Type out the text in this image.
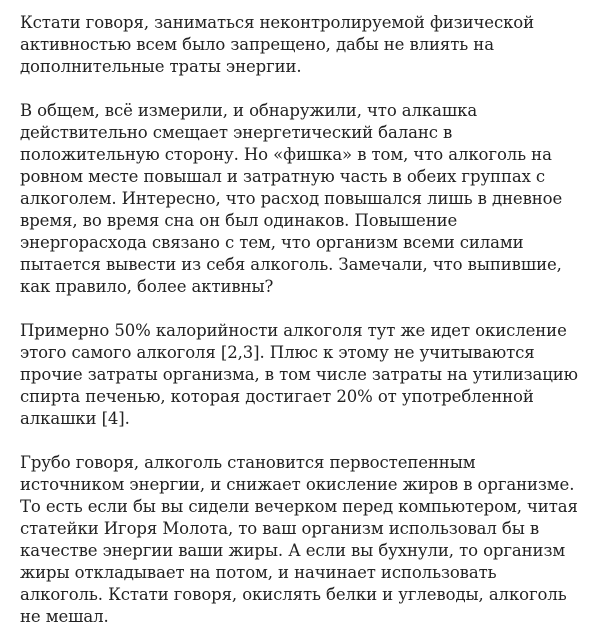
Кстати говоря, заниматься неконтролируемой физической
активностью всем было запрещено, дабы не влиять на
дополнительные траты энергии.

В общем, всё измерили, и обнаружили, что алкашка
действительно смещает энергетический баланс в
положительную сторону. Но «фишка» в том, что алкоголь на
ровном месте повышал и затратную часть в обеих группах с
алкоголем. Интересно, что расход повышался лишь в дневное
время, во время сна он был одинаков. Повышение
энергорасхода связано с тем, что организм всеми силами
пытается вывести из себя алкоголь. Замечали, что выпившие,
как правило, более активны?

Примерно 50% калорийности алкоголя тут же идет окисление
этого самого алкоголя [2,3]. Плюс к этому не учитываются
прочие затраты организма, в том числе затраты на утилизацию
спирта печенью, которая достигает 20% от употребленной
алкашки [4].

Грубо говоря, алкоголь становится первостепенным
источником энергии, и снижает окисление жиров в организме.
То есть если бы вы сидели вечерком перед компьютером, читая
статейки Игоря Молота, то ваш организм использовал бы в
качестве энергии ваши жиры. А если вы бухнули, то организм
жиры откладывает на потом, и начинает использовать
алкоголь. Кстати говоря, окислять белки и углеводы, алкоголь
не мешал.
